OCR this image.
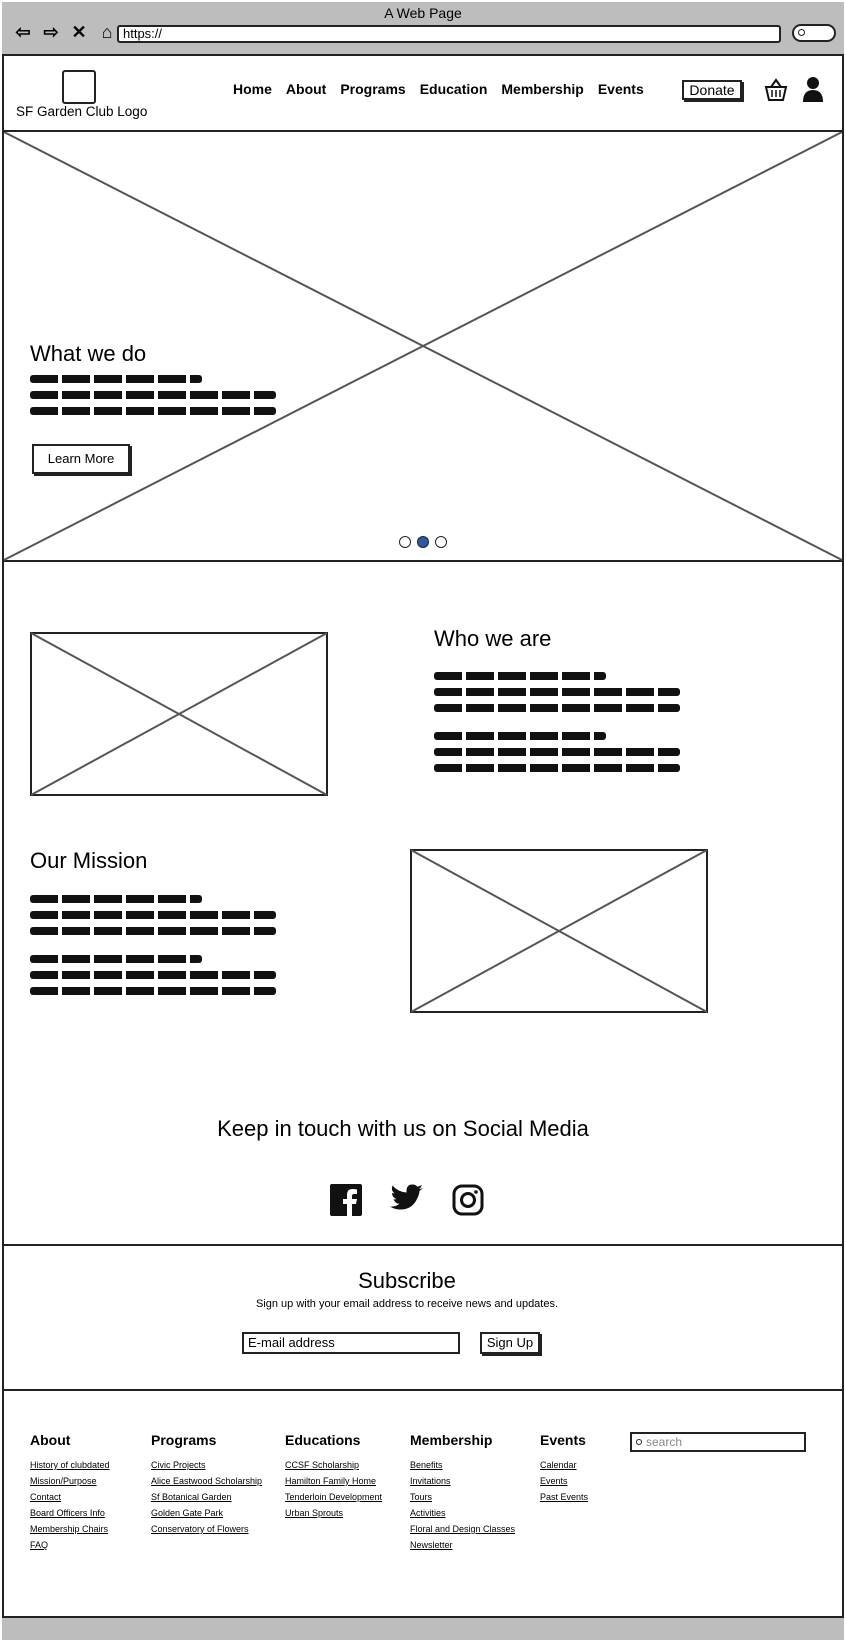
A Web Page
⇦ ⇨ ✕ ⌂ https://
SF Garden Club Logo
Home About Programs Education Membership Events	Donate
What we do
Learn More
Who we are
Our Mission
Keep in touch with us on Social Media
Subscribe
Sign up with your email address to receive news and updates.
E-mail address	Sign Up
About
History of clubdated
Mission/Purpose
Contact
Board Officers Info
Membership Chairs
FAQ
Programs
Civic Projects
Alice Eastwood Scholarship
Sf Botanical Garden
Golden Gate Park
Conservatory of Flowers
Educations
CCSF Scholarship
Hamilton Family Home
Tenderloin Development
Urban Sprouts
Membership
Benefits
Invitations
Tours
Activities
Floral and Design Classes
Newsletter
Events
Calendar
Events
Past Events
search
